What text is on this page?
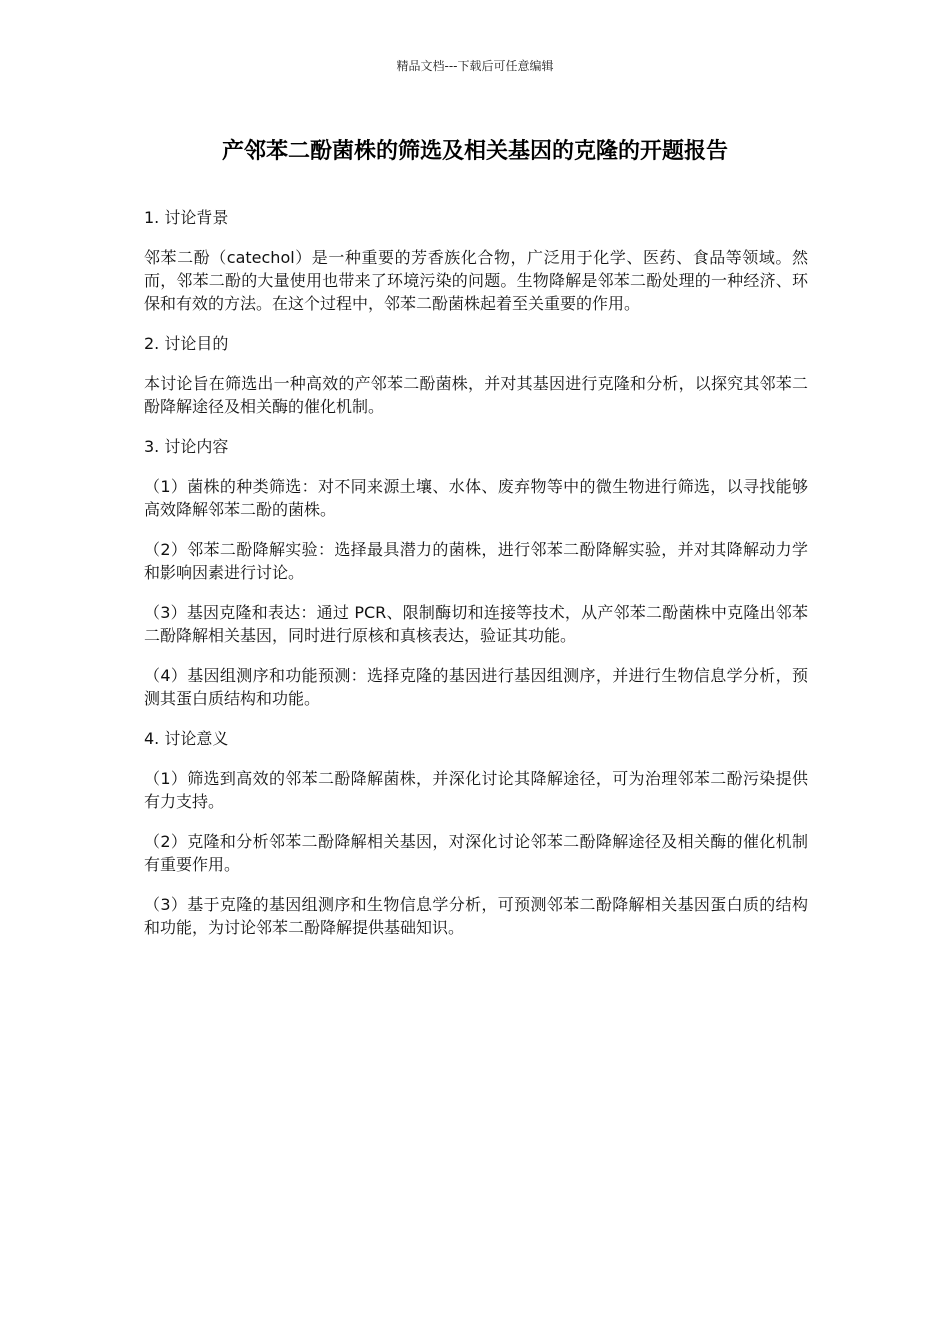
精品文档---下载后可任意编辑
产邻苯二酚菌株的筛选及相关基因的克隆的开题报告
1. 讨论背景
邻苯二酚（catechol）是一种重要的芳香族化合物，广泛用于化学、医药、食品等领域。然而，邻苯二酚的大量使用也带来了环境污染的问题。生物降解是邻苯二酚处理的一种经济、环保和有效的方法。在这个过程中，邻苯二酚菌株起着至关重要的作用。
2. 讨论目的
本讨论旨在筛选出一种高效的产邻苯二酚菌株，并对其基因进行克隆和分析，以探究其邻苯二酚降解途径及相关酶的催化机制。
3. 讨论内容
（1）菌株的种类筛选：对不同来源土壤、水体、废弃物等中的微生物进行筛选，以寻找能够高效降解邻苯二酚的菌株。
（2）邻苯二酚降解实验：选择最具潜力的菌株，进行邻苯二酚降解实验，并对其降解动力学和影响因素进行讨论。
（3）基因克隆和表达：通过 PCR、限制酶切和连接等技术，从产邻苯二酚菌株中克隆出邻苯二酚降解相关基因，同时进行原核和真核表达，验证其功能。
（4）基因组测序和功能预测：选择克隆的基因进行基因组测序，并进行生物信息学分析，预测其蛋白质结构和功能。
4. 讨论意义
（1）筛选到高效的邻苯二酚降解菌株，并深化讨论其降解途径，可为治理邻苯二酚污染提供有力支持。
（2）克隆和分析邻苯二酚降解相关基因，对深化讨论邻苯二酚降解途径及相关酶的催化机制有重要作用。
（3）基于克隆的基因组测序和生物信息学分析，可预测邻苯二酚降解相关基因蛋白质的结构和功能，为讨论邻苯二酚降解提供基础知识。
